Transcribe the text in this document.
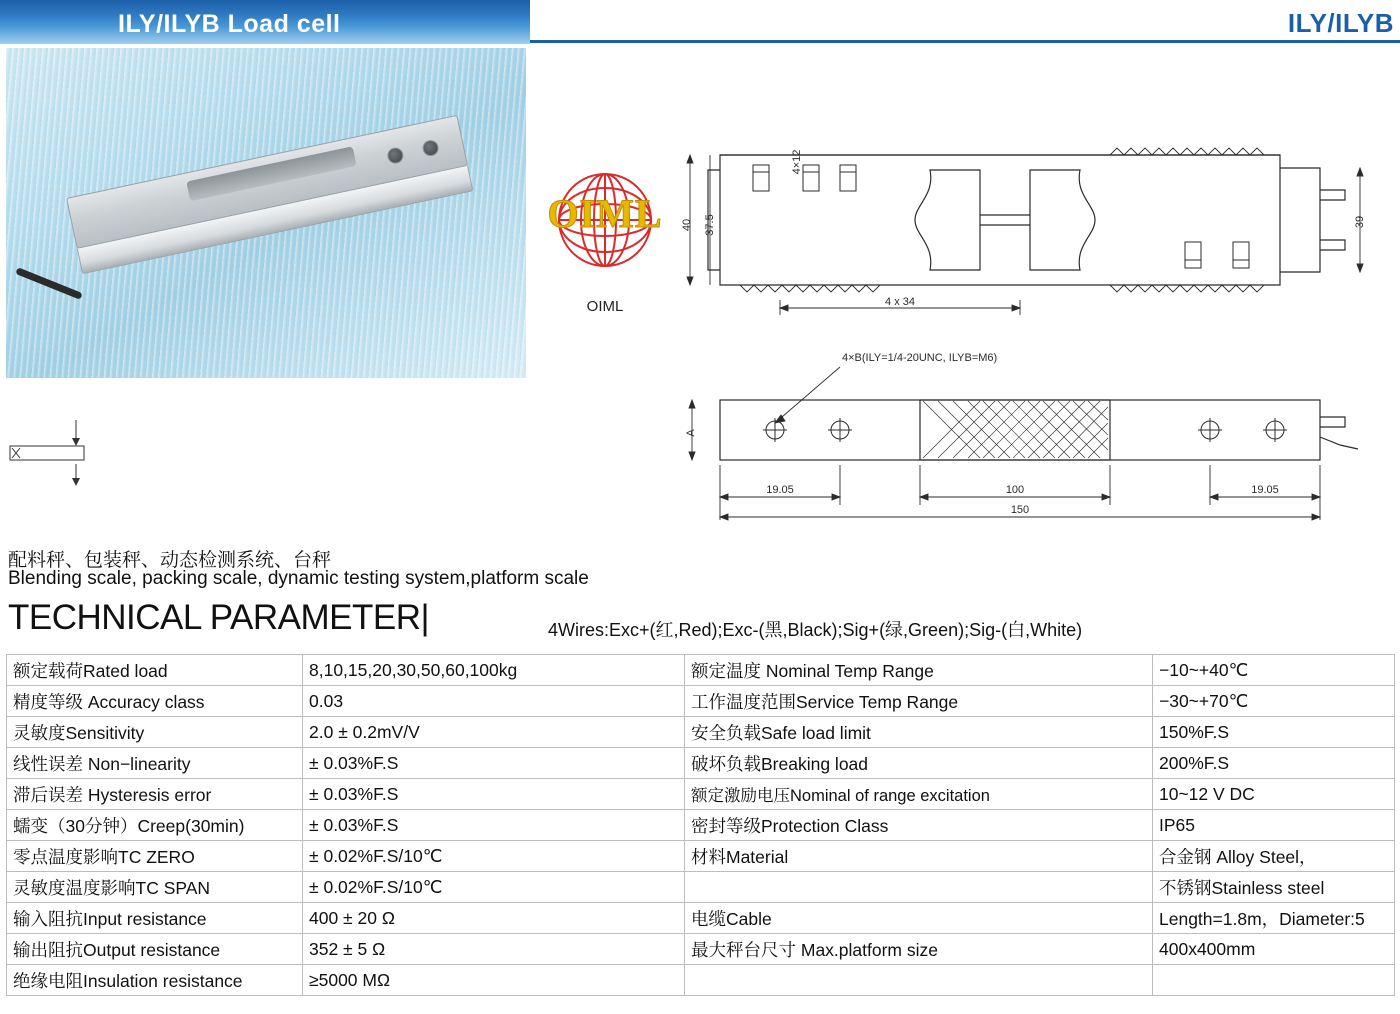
ILY/ILYB Load cell	ILY/ILYB
OIML
OIML
40 37.5	39
4×12
4 x 34
4×B(ILY=1/4-20UNC, ILYB=M6)
A
19.05	100	19.05
150
配料秤、包装秤、动态检测系统、台秤
Blending scale, packing scale, dynamic testing system,platform scale
TECHNICAL PARAMETER|	4Wires:Exc+(红,Red);Exc-(黑,Black);Sig+(绿,Green);Sig-(白,White)
额定载荷Rated load	8,10,15,20,30,50,60,100kg	额定温度 Nominal Temp Range	−10~+40℃
精度等级 Accuracy class	0.03	工作温度范围Service Temp Range	−30~+70℃
灵敏度Sensitivity	2.0 ± 0.2mV/V	安全负载Safe load limit	150%F.S
线性误差 Non−linearity	± 0.03%F.S	破坏负载Breaking load	200%F.S
滞后误差 Hysteresis error	± 0.03%F.S	额定激励电压Nominal of range excitation	10~12 V DC
蠕变（30分钟）Creep(30min)	± 0.03%F.S	密封等级Protection Class	IP65
零点温度影响TC ZERO	± 0.02%F.S/10℃	材料Material	合金钢 Alloy Steel，
灵敏度温度影响TC SPAN	± 0.02%F.S/10℃		不锈钢Stainless steel
输入阻抗Input resistance	400 ± 20 Ω	电缆Cable	Length=1.8m，Diameter:5
输出阻抗Output resistance	352 ± 5 Ω	最大秤台尺寸 Max.platform size	400x400mm
绝缘电阻Insulation resistance	≥5000 MΩ		
